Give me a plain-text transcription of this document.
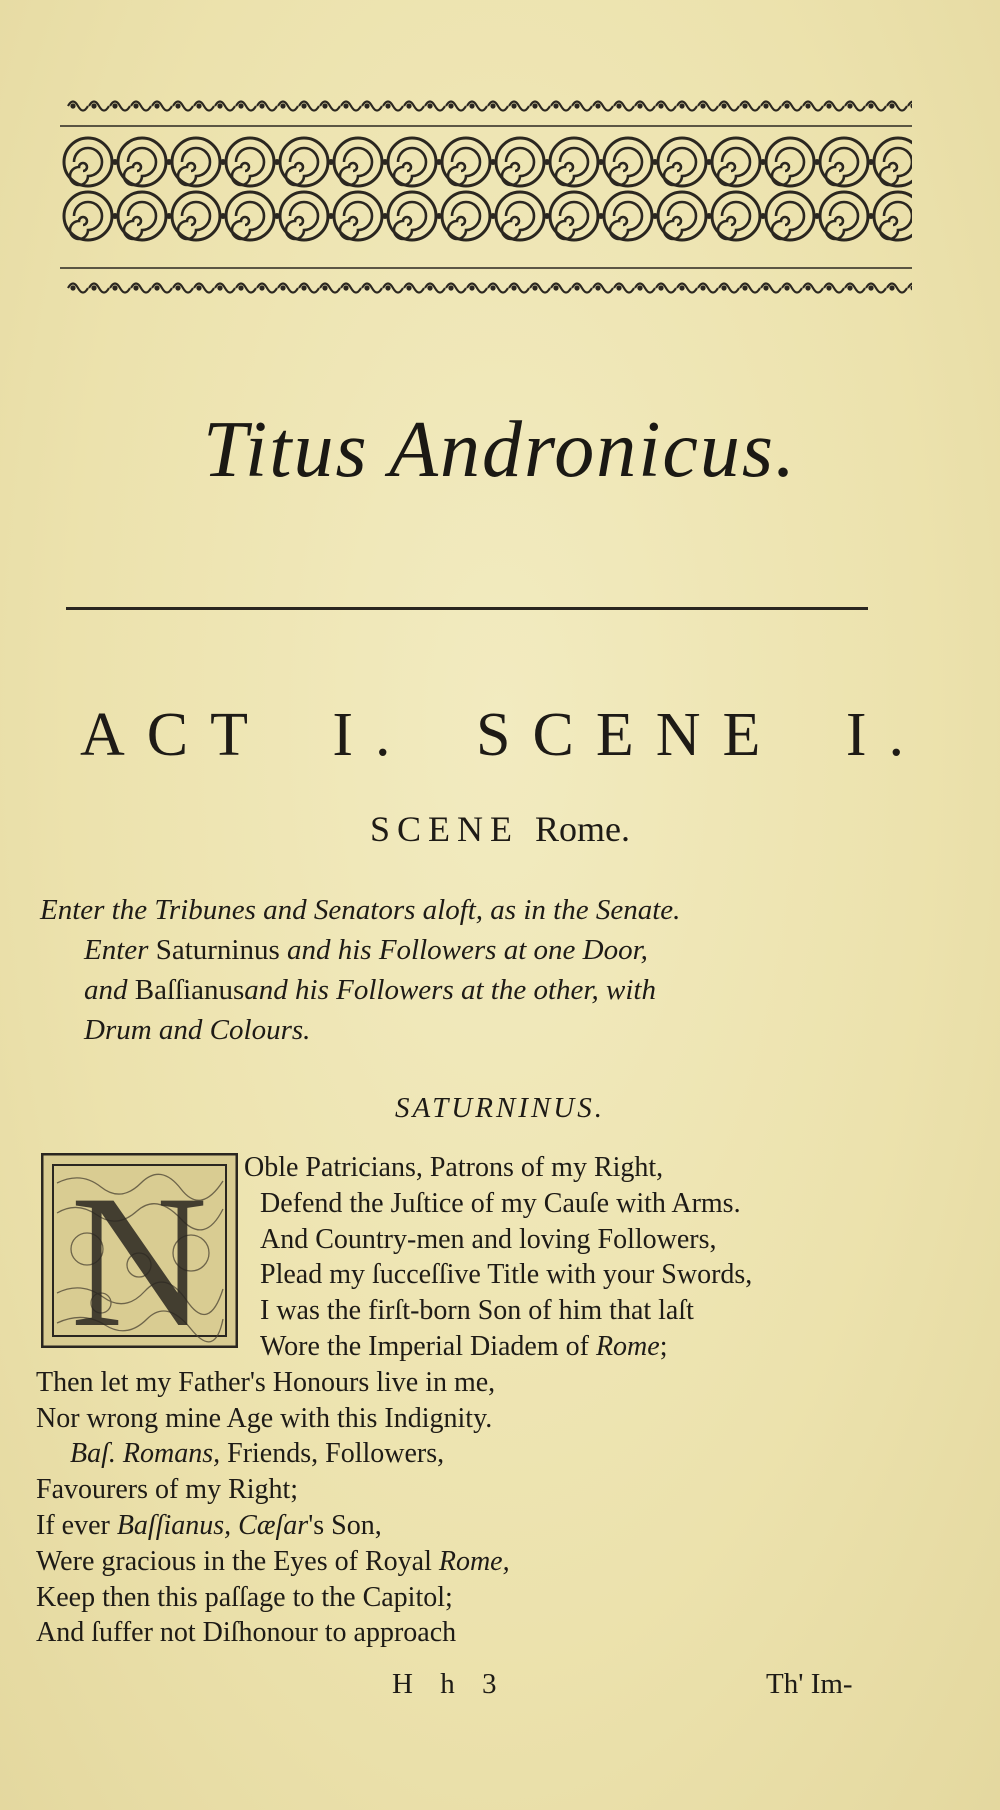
Titus Andronicus.
ACT I. SCENE I.
SCENE Rome.
Enter the Tribunes and Senators aloft, as in the Senate.
Enter Saturninus and his Followers at one Door,
and Baſſianusand his Followers at the other, with
Drum and Colours.
SATURNINUS.
N	Oble Patricians, Patrons of my Right,
Defend the Juſtice of my Cauſe with Arms.
And Country-men and loving Followers,
Plead my ſucceſſive Title with your Swords,
I was the firſt-born Son of him that laſt
Wore the Imperial Diadem of Rome;
Then let my Father's Honours live in me,
Nor wrong mine Age with this Indignity.
Baſ. Romans, Friends, Followers,
Favourers of my Right;
If ever Baſſianus, Cæſar's Son,
Were gracious in the Eyes of Royal Rome,
Keep then this paſſage to the Capitol;
And ſuffer not Diſhonour to approach
H h 3	Th' Im-
